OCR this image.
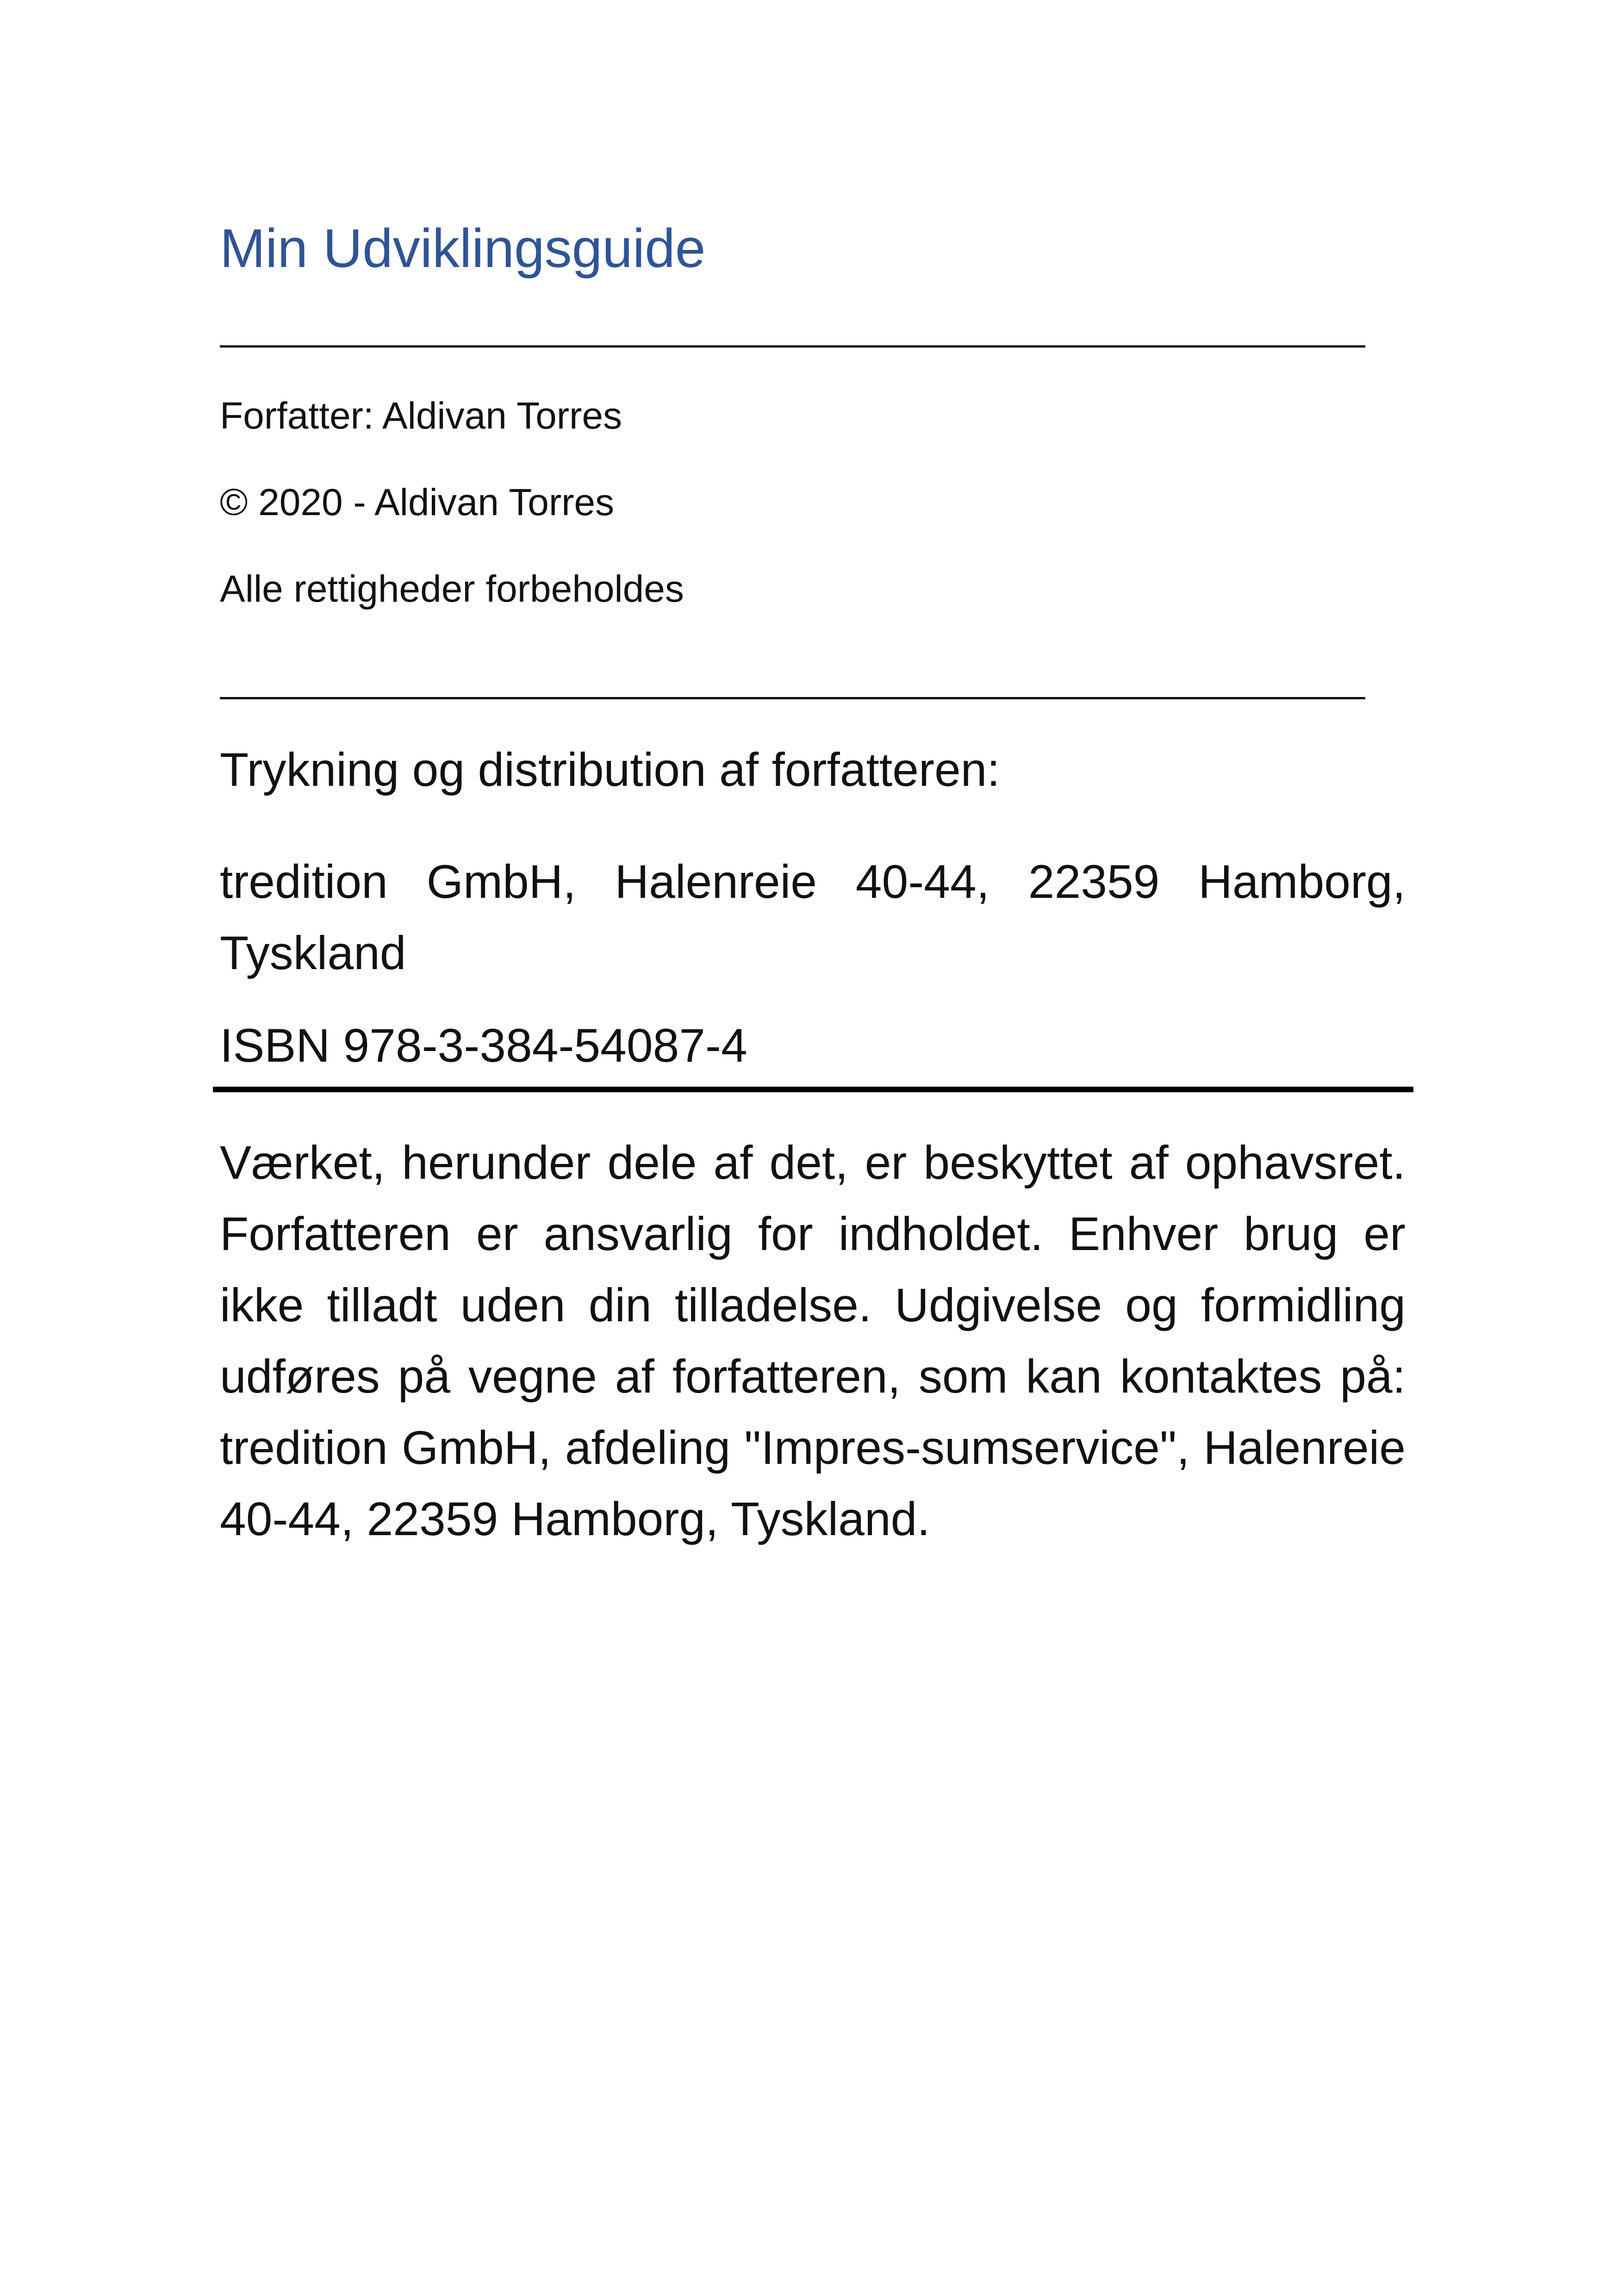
Min Udviklingsguide
Forfatter: Aldivan Torres
© 2020 - Aldivan Torres
Alle rettigheder forbeholdes
Trykning og distribution af forfatteren:
tredition GmbH, Halenreie 40-44, 22359 Hamborg, Tyskland
ISBN 978-3-384-54087-4
Værket, herunder dele af det, er beskyttet af ophavsret. Forfatteren er ansvarlig for indholdet. Enhver brug er ikke tilladt uden din tilladelse. Udgivelse og formidling udføres på vegne af forfatteren, som kan kontaktes på: tredition GmbH, afdeling "Impres-sumservice", Halenreie 40-44, 22359 Hamborg, Tyskland.
